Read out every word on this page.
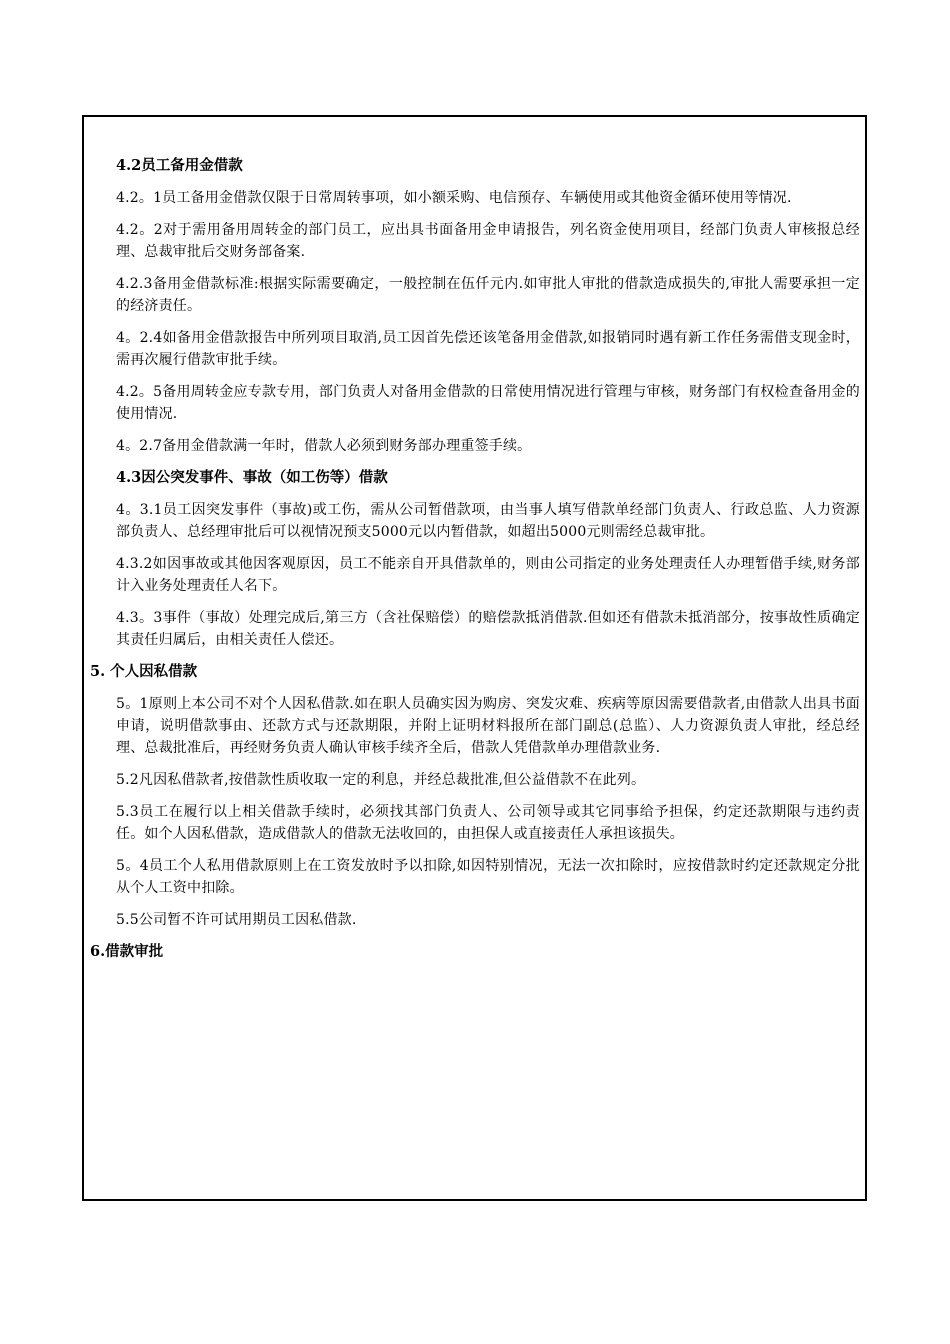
4.2员工备用金借款
4.2。1员工备用金借款仅限于日常周转事项，如小额采购、电信预存、车辆使用或其他资金循环使用等情况.
4.2。2对于需用备用周转金的部门员工，应出具书面备用金申请报告，列名资金使用项目，经部门负责人审核报总经理、总裁审批后交财务部备案.
4.2.3备用金借款标准:根据实际需要确定，一般控制在伍仟元内.如审批人审批的借款造成损失的,审批人需要承担一定的经济责任。
4。2.4如备用金借款报告中所列项目取消,员工因首先偿还该笔备用金借款,如报销同时遇有新工作任务需借支现金时，需再次履行借款审批手续。
4.2。5备用周转金应专款专用，部门负责人对备用金借款的日常使用情况进行管理与审核，财务部门有权检查备用金的使用情况.
4。2.7备用金借款满一年时，借款人必须到财务部办理重签手续。
4.3因公突发事件、事故（如工伤等）借款
4。3.1员工因突发事件（事故)或工伤，需从公司暂借款项，由当事人填写借款单经部门负责人、行政总监、人力资源部负责人、总经理审批后可以视情况预支5000元以内暂借款，如超出5000元则需经总裁审批。
4.3.2如因事故或其他因客观原因，员工不能亲自开具借款单的，则由公司指定的业务处理责任人办理暂借手续,财务部计入业务处理责任人名下。
4.3。3事件（事故）处理完成后,第三方（含社保赔偿）的赔偿款抵消借款.但如还有借款未抵消部分，按事故性质确定其责任归属后，由相关责任人偿还。
5. 个人因私借款
5。1原则上本公司不对个人因私借款.如在职人员确实因为购房、突发灾难、疾病等原因需要借款者,由借款人出具书面申请，说明借款事由、还款方式与还款期限，并附上证明材料报所在部门副总(总监）、人力资源负责人审批，经总经理、总裁批准后，再经财务负责人确认审核手续齐全后，借款人凭借款单办理借款业务.
5.2凡因私借款者,按借款性质收取一定的利息，并经总裁批准,但公益借款不在此列。
5.3员工在履行以上相关借款手续时，必须找其部门负责人、公司领导或其它同事给予担保，约定还款期限与违约责任。如个人因私借款，造成借款人的借款无法收回的，由担保人或直接责任人承担该损失。
5。4员工个人私用借款原则上在工资发放时予以扣除,如因特别情况，无法一次扣除时，应按借款时约定还款规定分批从个人工资中扣除。
5.5公司暂不许可试用期员工因私借款.
6.借款审批
